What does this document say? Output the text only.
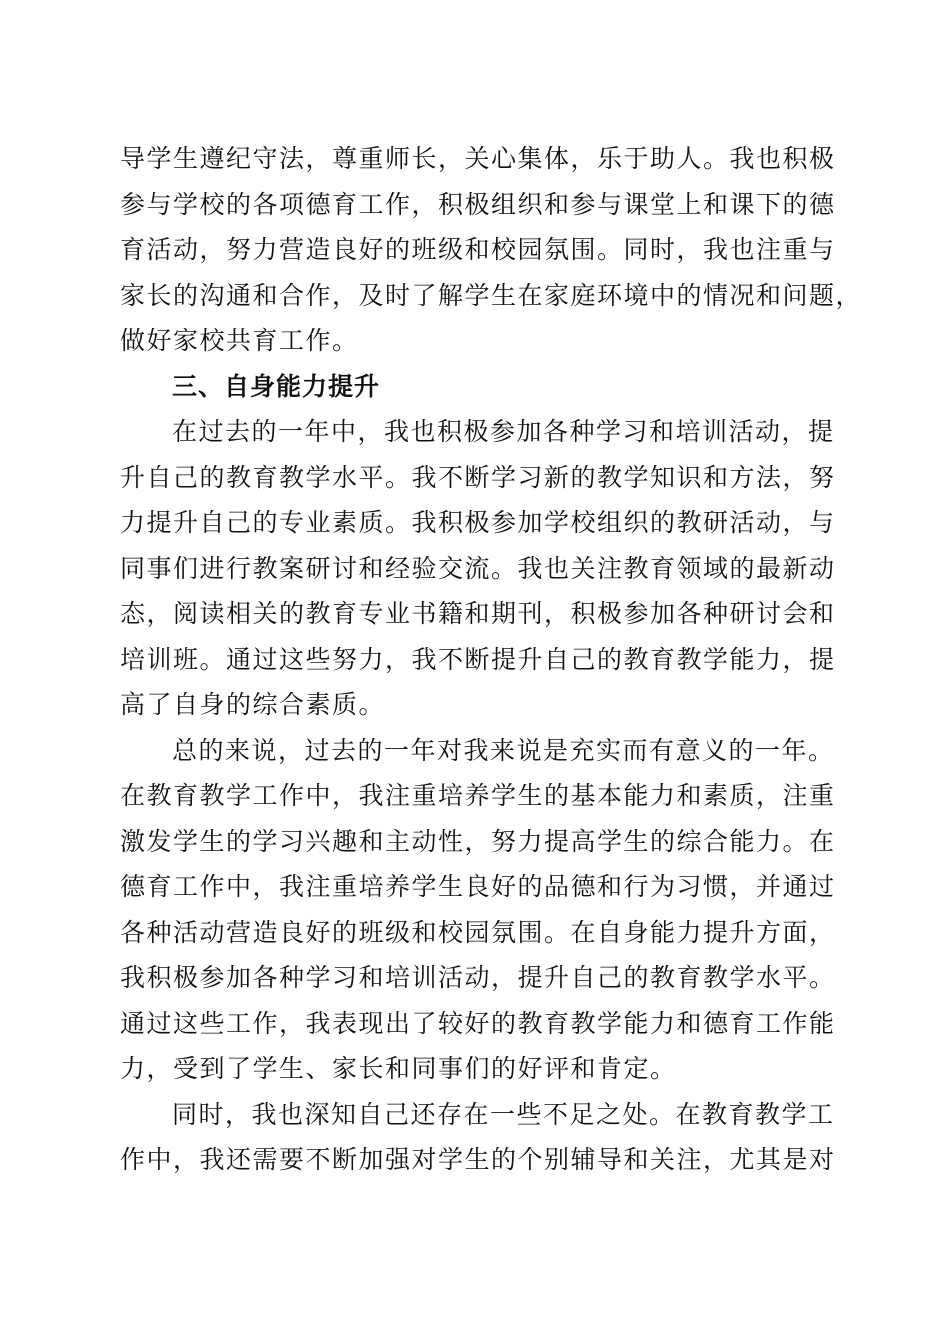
导学生遵纪守法，尊重师长，关心集体，乐于助人。我也积极
参与学校的各项德育工作，积极组织和参与课堂上和课下的德
育活动，努力营造良好的班级和校园氛围。同时，我也注重与
家长的沟通和合作，及时了解学生在家庭环境中的情况和问题，
做好家校共育工作。
三、自身能力提升
在过去的一年中，我也积极参加各种学习和培训活动，提
升自己的教育教学水平。我不断学习新的教学知识和方法，努
力提升自己的专业素质。我积极参加学校组织的教研活动，与
同事们进行教案研讨和经验交流。我也关注教育领域的最新动
态，阅读相关的教育专业书籍和期刊，积极参加各种研讨会和
培训班。通过这些努力，我不断提升自己的教育教学能力，提
高了自身的综合素质。
总的来说，过去的一年对我来说是充实而有意义的一年。
在教育教学工作中，我注重培养学生的基本能力和素质，注重
激发学生的学习兴趣和主动性，努力提高学生的综合能力。在
德育工作中，我注重培养学生良好的品德和行为习惯，并通过
各种活动营造良好的班级和校园氛围。在自身能力提升方面，
我积极参加各种学习和培训活动，提升自己的教育教学水平。
通过这些工作，我表现出了较好的教育教学能力和德育工作能
力，受到了学生、家长和同事们的好评和肯定。
同时，我也深知自己还存在一些不足之处。在教育教学工
作中，我还需要不断加强对学生的个别辅导和关注，尤其是对
